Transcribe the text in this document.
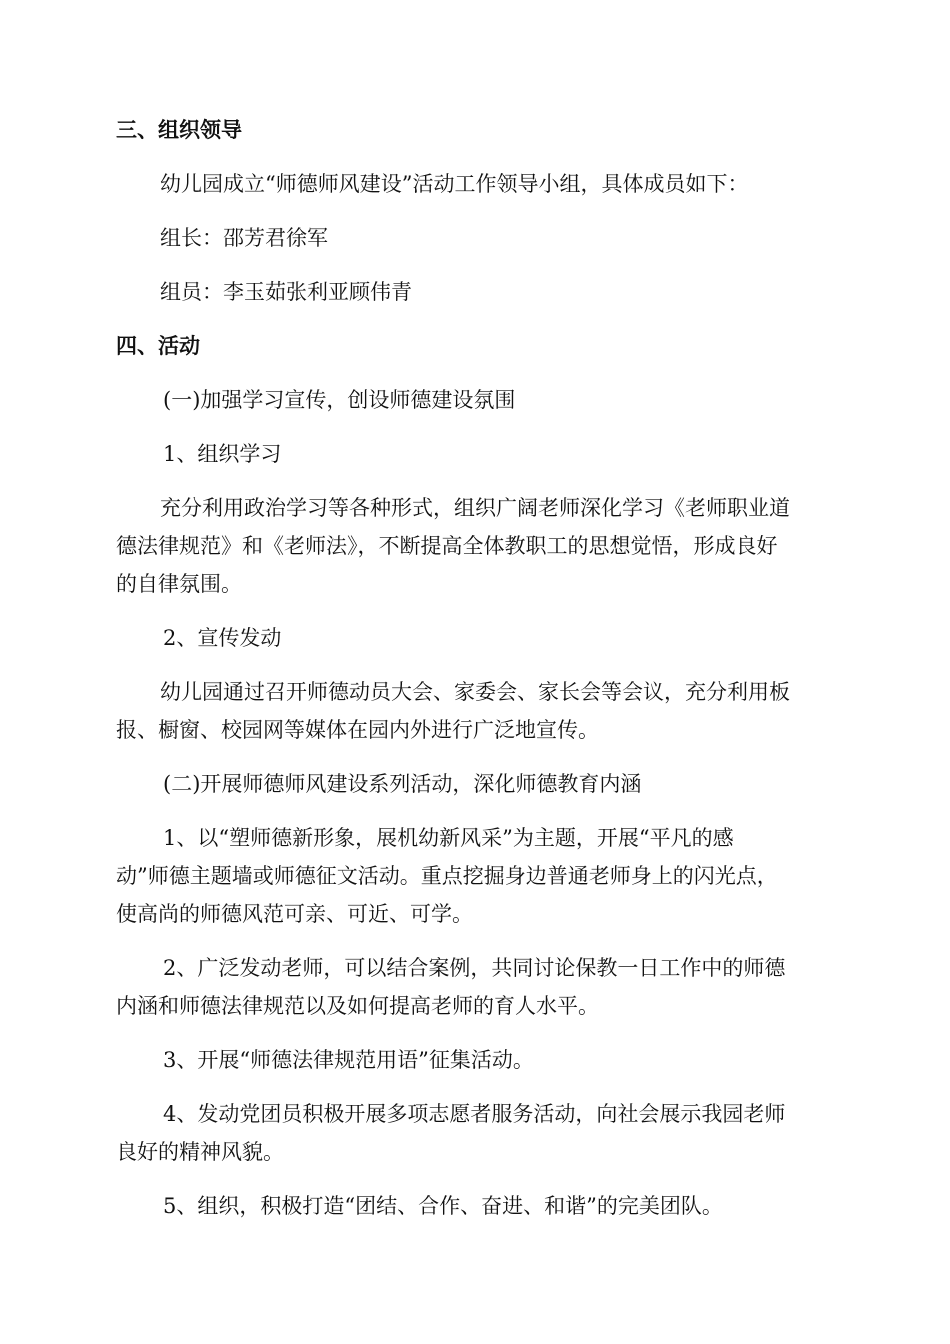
三、组织领导
幼儿园成立“师德师风建设”活动工作领导小组，具体成员如下：
组长：邵芳君徐军
组员：李玉茹张利亚顾伟青
四、活动
(一)加强学习宣传，创设师德建设氛围
1、组织学习
充分利用政治学习等各种形式，组织广阔老师深化学习《老师职业道
德法律规范》和《老师法》，不断提高全体教职工的思想觉悟，形成良好
的自律氛围。
2、宣传发动
幼儿园通过召开师德动员大会、家委会、家长会等会议，充分利用板
报、橱窗、校园网等媒体在园内外进行广泛地宣传。
(二)开展师德师风建设系列活动，深化师德教育内涵
1、以“塑师德新形象，展机幼新风采”为主题，开展“平凡的感
动”师德主题墙或师德征文活动。重点挖掘身边普通老师身上的闪光点，
使高尚的师德风范可亲、可近、可学。
2、广泛发动老师，可以结合案例，共同讨论保教一日工作中的师德
内涵和师德法律规范以及如何提高老师的育人水平。
3、开展“师德法律规范用语”征集活动。
4、发动党团员积极开展多项志愿者服务活动，向社会展示我园老师
良好的精神风貌。
5、组织，积极打造“团结、合作、奋进、和谐”的完美团队。
